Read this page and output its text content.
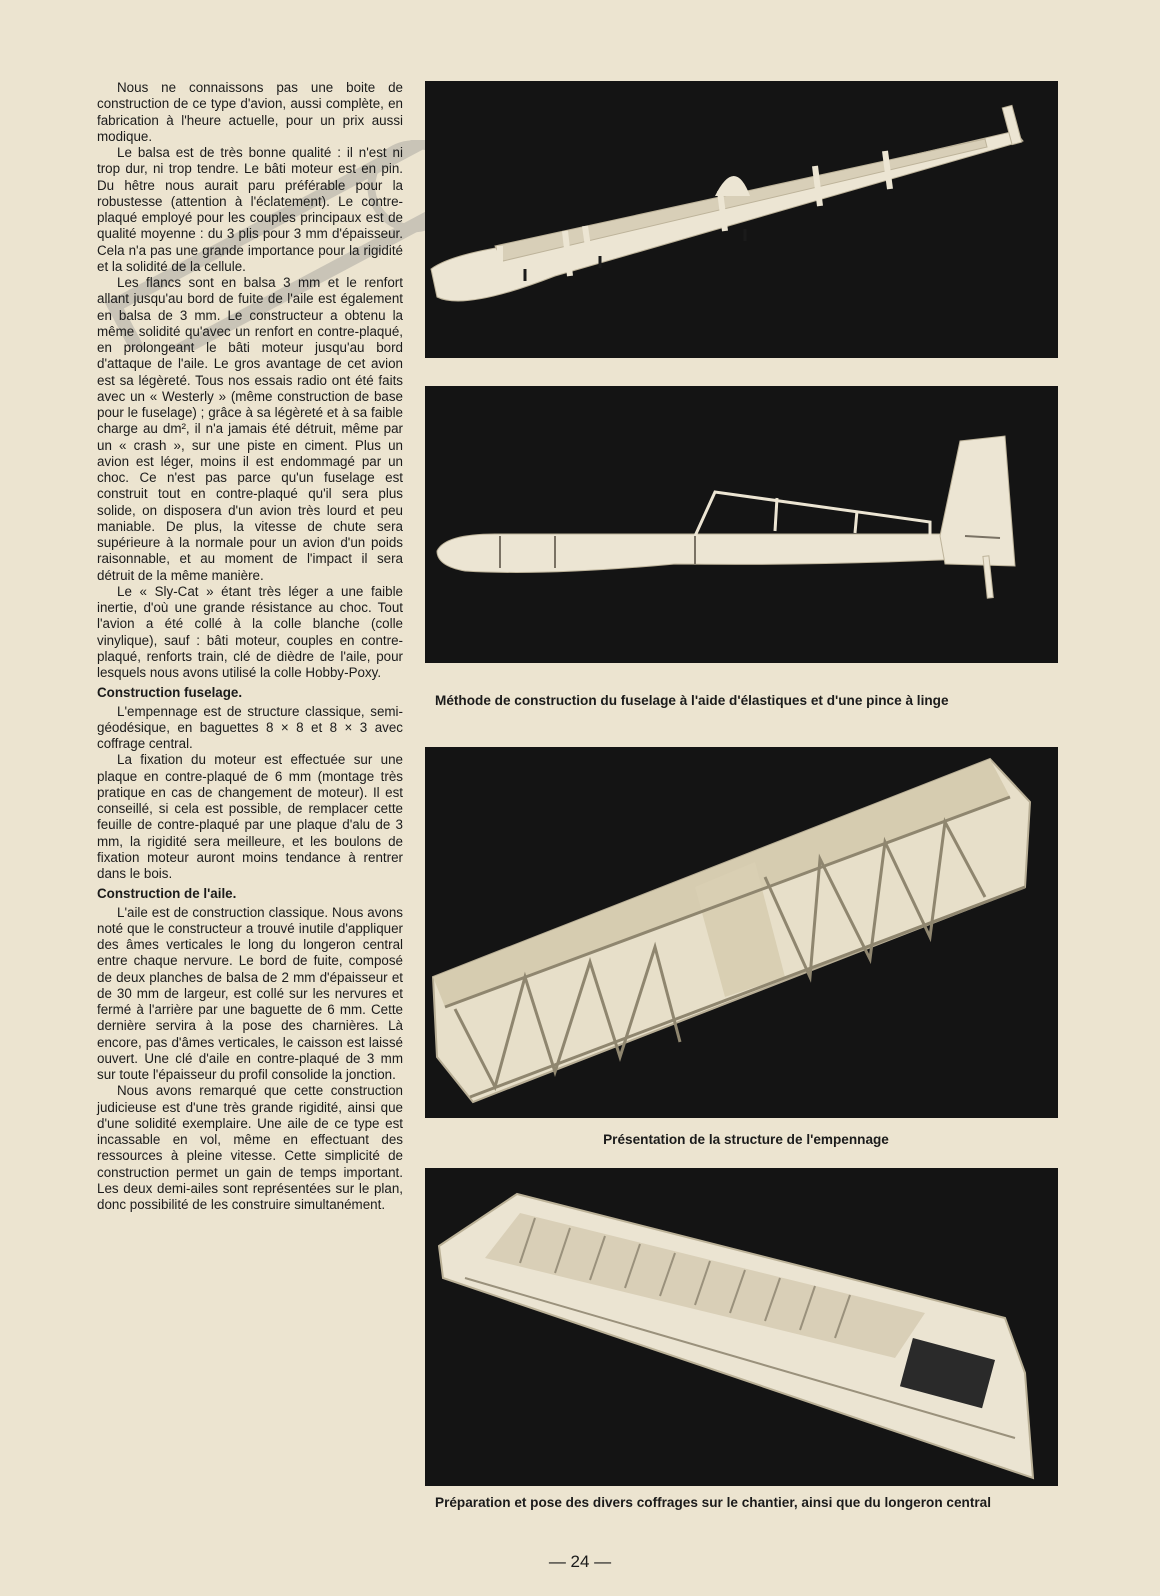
Nous ne connaissons pas une boite de construction de ce type d'avion, aussi complète, en fabrication à l'heure actuelle, pour un prix aussi modique.

Le balsa est de très bonne qualité : il n'est ni trop dur, ni trop tendre. Le bâti moteur est en pin. Du hêtre nous aurait paru préférable pour la robustesse (attention à l'éclatement). Le contre-plaqué employé pour les couples principaux est de qualité moyenne : du 3 plis pour 3 mm d'épaisseur. Cela n'a pas une grande importance pour la rigidité et la solidité de la cellule.

Les flancs sont en balsa 3 mm et le renfort allant jusqu'au bord de fuite de l'aile est également en balsa de 3 mm. Le constructeur a obtenu la même solidité qu'avec un renfort en contre-plaqué, en prolongeant le bâti moteur jusqu'au bord d'attaque de l'aile. Le gros avantage de cet avion est sa légèreté. Tous nos essais radio ont été faits avec un « Westerly » (même construction de base pour le fuselage) ; grâce à sa légèreté et à sa faible charge au dm², il n'a jamais été détruit, même par un « crash », sur une piste en ciment. Plus un avion est léger, moins il est endommagé par un choc. Ce n'est pas parce qu'un fuselage est construit tout en contre-plaqué qu'il sera plus solide, on disposera d'un avion très lourd et peu maniable. De plus, la vitesse de chute sera supérieure à la normale pour un avion d'un poids raisonnable, et au moment de l'impact il sera détruit de la même manière.

Le « Sly-Cat » étant très léger a une faible inertie, d'où une grande résistance au choc. Tout l'avion a été collé à la colle blanche (colle vinylique), sauf : bâti moteur, couples en contre-plaqué, renforts train, clé de dièdre de l'aile, pour lesquels nous avons utilisé la colle Hobby-Poxy.

Construction fuselage.

L'empennage est de structure classique, semi-géodésique, en baguettes 8 × 8 et 8 × 3 avec coffrage central.

La fixation du moteur est effectuée sur une plaque en contre-plaqué de 6 mm (montage très pratique en cas de changement de moteur). Il est conseillé, si cela est possible, de remplacer cette feuille de contre-plaqué par une plaque d'alu de 3 mm, la rigidité sera meilleure, et les boulons de fixation moteur auront moins tendance à rentrer dans le bois.

Construction de l'aile.

L'aile est de construction classique. Nous avons noté que le constructeur a trouvé inutile d'appliquer des âmes verticales le long du longeron central entre chaque nervure. Le bord de fuite, composé de deux planches de balsa de 2 mm d'épaisseur et de 30 mm de largeur, est collé sur les nervures et fermé à l'arrière par une baguette de 6 mm. Cette dernière servira à la pose des charnières. Là encore, pas d'âmes verticales, le caisson est laissé ouvert. Une clé d'aile en contre-plaqué de 3 mm sur toute l'épaisseur du profil consolide la jonction.

Nous avons remarqué que cette construction judicieuse est d'une très grande rigidité, ainsi que d'une solidité exemplaire. Une aile de ce type est incassable en vol, même en effectuant des ressources à pleine vitesse. Cette simplicité de construction permet un gain de temps important. Les deux demi-ailes sont représentées sur le plan, donc possibilité de les construire simultanément.

Méthode de construction du fuselage à l'aide d'élastiques et d'une pince à linge
Présentation de la structure de l'empennage
Préparation et pose des divers coffrages sur le chantier, ainsi que du longeron central
— 24 —
